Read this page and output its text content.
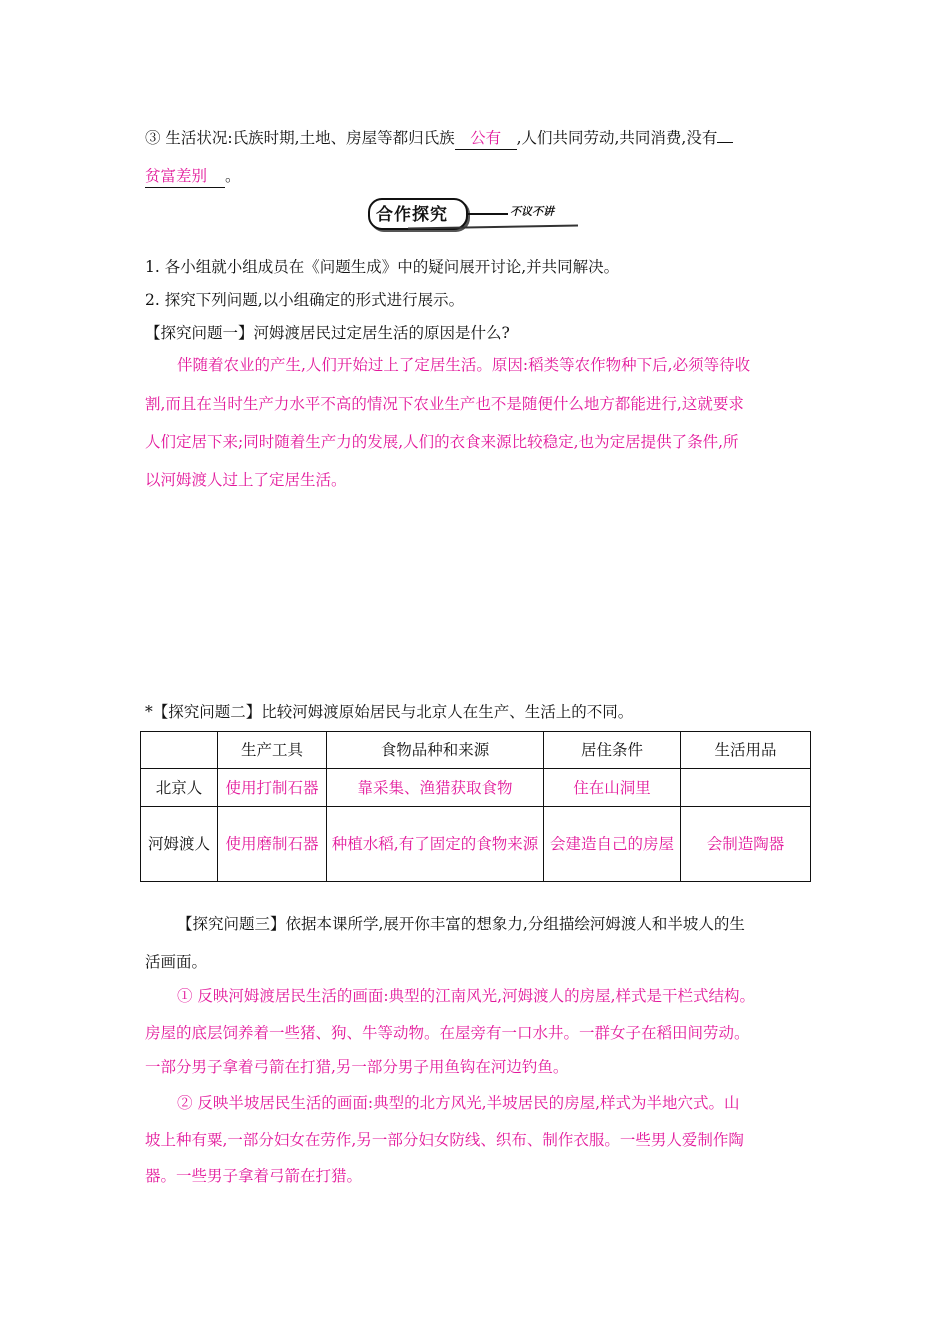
③ 生活状况:氏族时期,土地、房屋等都归氏族 公有 ,人们共同劳动,共同消费,没有
贫富差别 。
合作探究	不议不讲
1. 各小组就小组成员在《问题生成》中的疑问展开讨论,并共同解决。
2. 探究下列问题,以小组确定的形式进行展示。
【探究问题一】河姆渡居民过定居生活的原因是什么?
伴随着农业的产生,人们开始过上了定居生活。原因:稻类等农作物种下后,必须等待收
割,而且在当时生产力水平不高的情况下农业生产也不是随便什么地方都能进行,这就要求
人们定居下来;同时随着生产力的发展,人们的衣食来源比较稳定,也为定居提供了条件,所
以河姆渡人过上了定居生活。
*【探究问题二】比较河姆渡原始居民与北京人在生产、生活上的不同。
	生产工具	食物品种和来源	居住条件	生活用品
北京人	使用打制石器	靠采集、渔猎获取食物	住在山洞里	
河姆渡人	使用磨制石器	种植水稻,有了固定的食物来源	会建造自己的房屋	会制造陶器
【探究问题三】依据本课所学,展开你丰富的想象力,分组描绘河姆渡人和半坡人的生
活画面。
① 反映河姆渡居民生活的画面:典型的江南风光,河姆渡人的房屋,样式是干栏式结构。
房屋的底层饲养着一些猪、狗、牛等动物。在屋旁有一口水井。一群女子在稻田间劳动。
一部分男子拿着弓箭在打猎,另一部分男子用鱼钩在河边钓鱼。
② 反映半坡居民生活的画面:典型的北方风光,半坡居民的房屋,样式为半地穴式。山
坡上种有粟,一部分妇女在劳作,另一部分妇女防线、织布、制作衣服。一些男人爱制作陶
器。一些男子拿着弓箭在打猎。
